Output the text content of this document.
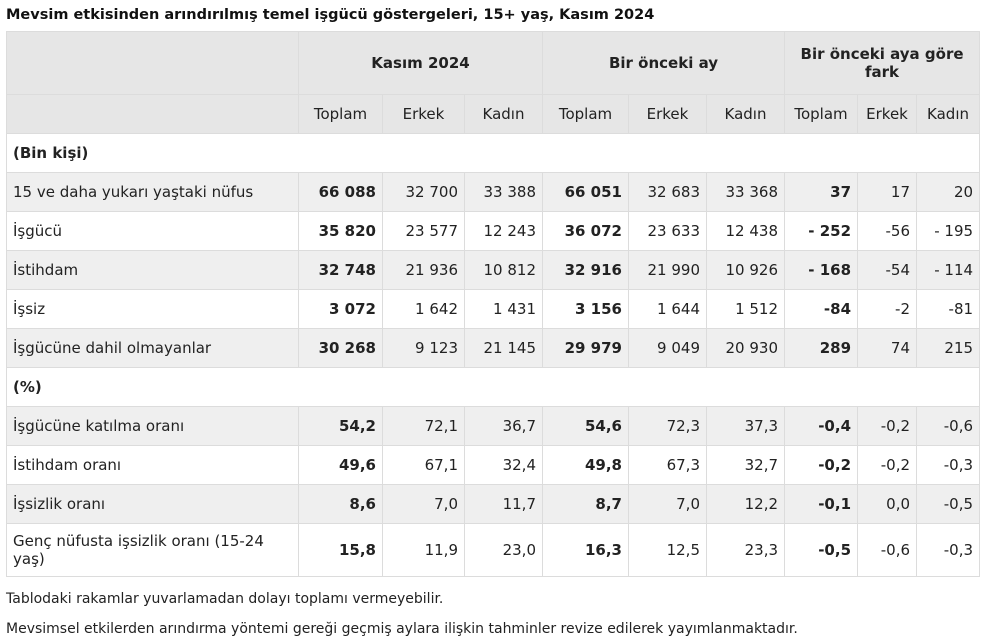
Mevsim etkisinden arındırılmış temel işgücü göstergeleri, 15+ yaş, Kasım 2024
	Kasım 2024			Bir önceki ay			Bir önceki aya göre fark		
	Toplam	Erkek	Kadın	Toplam	Erkek	Kadın	Toplam	Erkek	Kadın
(Bin kişi)									
15 ve daha yukarı yaştaki nüfus	66 088	32 700	33 388	66 051	32 683	33 368	37	17	20
İşgücü	35 820	23 577	12 243	36 072	23 633	12 438	- 252	-56	- 195
İstihdam	32 748	21 936	10 812	32 916	21 990	10 926	- 168	-54	- 114
İşsiz	3 072	1 642	1 431	3 156	1 644	1 512	-84	-2	-81
İşgücüne dahil olmayanlar	30 268	9 123	21 145	29 979	9 049	20 930	289	74	215
(%)									
İşgücüne katılma oranı	54,2	72,1	36,7	54,6	72,3	37,3	-0,4	-0,2	-0,6
İstihdam oranı	49,6	67,1	32,4	49,8	67,3	32,7	-0,2	-0,2	-0,3
İşsizlik oranı	8,6	7,0	11,7	8,7	7,0	12,2	-0,1	0,0	-0,5
Genç nüfusta işsizlik oranı (15-24 yaş)	15,8	11,9	23,0	16,3	12,5	23,3	-0,5	-0,6	-0,3
Tablodaki rakamlar yuvarlamadan dolayı toplamı vermeyebilir.
Mevsimsel etkilerden arındırma yöntemi gereği geçmiş aylara ilişkin tahminler revize edilerek yayımlanmaktadır.
